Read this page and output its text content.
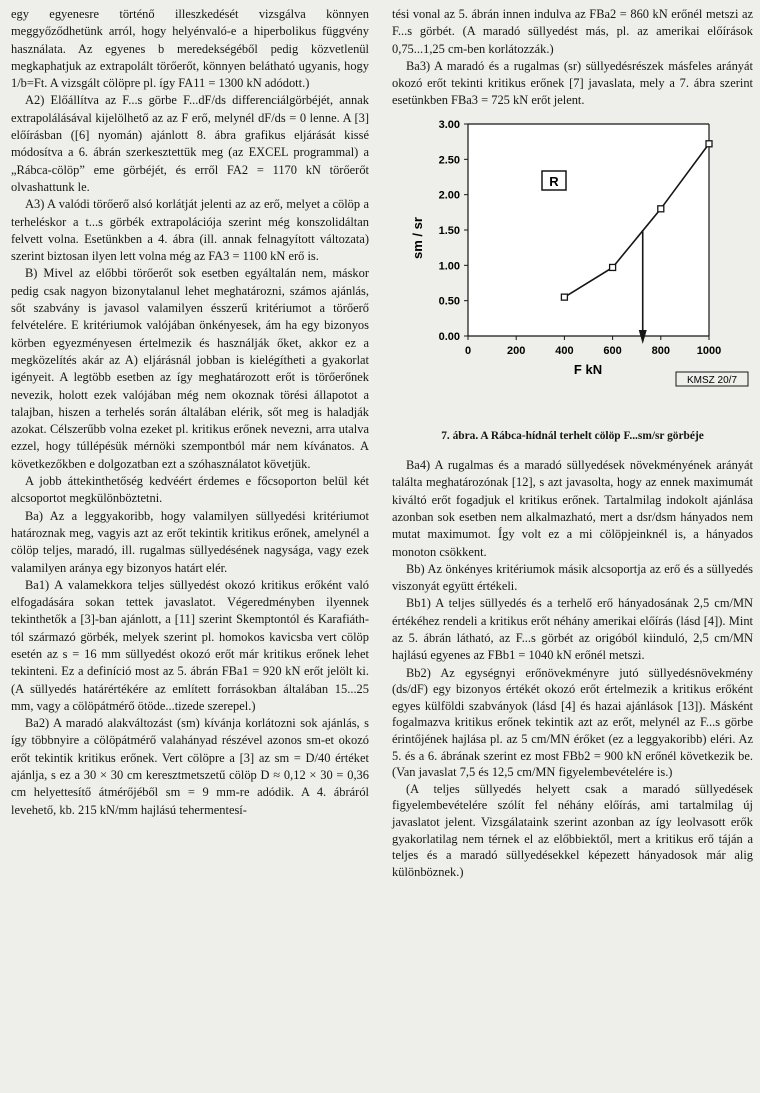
egy egyenesre történő illeszkedését vizsgálva könnyen meggyőződhetünk arról, hogy helyénvaló-e a hiperbolikus függvény használata. Az egyenes b meredekségéből pedig közvetlenül megkaphatjuk az extrapolált törőerőt, könnyen belátható ugyanis, hogy 1/b=Ft. A vizsgált cölöpre pl. így FA11 = 1300 kN adódott.)

A2) Előállítva az F...s görbe F...dF/ds differenciálgörbéjét, annak extrapolálásával kijelölhető az az F erő, melynél dF/ds = 0 lenne. A [3] előírásban ([6] nyomán) ajánlott 8. ábra grafikus eljárását kissé módosítva a 6. ábrán szerkesztettük meg (az EXCEL programmal) a „Rábca-cölöp” eme görbéjét, és erről FA2 = 1170 kN törőerőt olvashattunk le.

A3) A valódi törőerő alsó korlátját jelenti az az erő, melyet a cölöp a terheléskor a t...s görbék extrapolációja szerint még konszolidáltan felvett volna. Esetünkben a 4. ábra (ill. annak felnagyított változata) szerint biztosan ilyen lett volna még az FA3 = 1100 kN erő is.

B) Mivel az előbbi törőerőt sok esetben egyáltalán nem, máskor pedig csak nagyon bizonytalanul lehet meghatározni, számos ajánlás, sőt szabvány is javasol valamilyen ésszerű kritériumot a törőerő felvételére. E kritériumok valójában önkényesek, ám ha egy bizonyos körben egyezményesen értelmezik és használják őket, akkor ez a megközelítés akár az A) eljárásnál jobban is kielégítheti a gyakorlat igényeit. A legtöbb esetben az így meghatározott erőt is törőerőnek nevezik, holott ezek valójában még nem okoznak törési állapotot a talajban, hiszen a terhelés során általában elérik, sőt meg is haladják azokat. Célszerűbb volna ezeket pl. kritikus erőnek nevezni, arra utalva ezzel, hogy túllépésük mérnöki szempontból már nem kívánatos. A következőkben e dolgozatban ezt a szóhasználatot követjük.

A jobb áttekinthetőség kedvéért érdemes e főcsoporton belül két alcsoportot megkülönböztetni.

Ba) Az a leggyakoribb, hogy valamilyen süllyedési kritériumot határoznak meg, vagyis azt az erőt tekintik kritikus erőnek, amelynél a cölöp teljes, maradó, ill. rugalmas süllyedésének nagysága, vagy ezek valamilyen aránya egy bizonyos határt elér.

Ba1) A valamekkora teljes süllyedést okozó kritikus erőként való elfogadására sokan tettek javaslatot. Végeredményben ilyennek tekinthetők a [3]-ban ajánlott, a [11] szerint Skemptontól és Karafiáth-tól származó görbék, melyek szerint pl. homokos kavicsba vert cölöp esetén az s = 16 mm süllyedést okozó erőt már kritikus erőnek lehet tekinteni. Ez a definíció most az 5. ábrán FBa1 = 920 kN erőt jelölt ki. (A süllyedés határértékére az említett forrásokban általában 15...25 mm, vagy a cölöpátmérő ötöde...tizede szerepel.)

Ba2) A maradó alakváltozást (sm) kívánja korlátozni sok ajánlás, s így többnyire a cölöpátmérő valahányad részével azonos sm-et okozó erőt tekintik kritikus erőnek. Vert cölöpre a [3] az sm = D/40 értéket ajánlja, s ez a 30 × 30 cm keresztmetszetű cölöp D ≈ 0,12 × 30 = 0,36 cm helyettesítő átmérőjéből sm = 9 mm-re adódik. A 4. ábráról levehető, kb. 215 kN/mm hajlású tehermentesí-

tési vonal az 5. ábrán innen indulva az FBa2 = 860 kN erőnél metszi az F...s görbét. (A maradó süllyedést más, pl. az amerikai előírások 0,75...1,25 cm-ben korlátozzák.)

Ba3) A maradó és a rugalmas (sr) süllyedésrészek másfeles arányát okozó erőt tekinti kritikus erőnek [7] javaslata, mely a 7. ábra szerint esetünkben FBa3 = 725 kN erőt jelent.

0.00
0.50
1.00
1.50
2.00
2.50
3.00
0	200	400	600	800 1000
sm / sr
F kN
R
KMSZ 20/7
7. ábra. A Rábca-hídnál terhelt cölöp F...sm/sr görbéje

Ba4) A rugalmas és a maradó süllyedések növekményének arányát találta meghatározónak [12], s azt javasolta, hogy az ennek maximumát kiváltó erőt fogadjuk el kritikus erőnek. Tartalmilag indokolt ajánlása azonban sok esetben nem alkalmazható, mert a dsr/dsm hányados nem mutat maximumot. Így volt ez a mi cölöpjeinknél is, a hányados monoton csökkent.

Bb) Az önkényes kritériumok másik alcsoportja az erő és a süllyedés viszonyát együtt értékeli.

Bb1) A teljes süllyedés és a terhelő erő hányadosának 2,5 cm/MN értékéhez rendeli a kritikus erőt néhány amerikai előírás (lásd [4]). Mint az 5. ábrán látható, az F...s görbét az origóból kiinduló, 2,5 cm/MN hajlású egyenes az FBb1 = 1040 kN erőnél metszi.

Bb2) Az egységnyi erőnövekményre jutó süllyedésnövekmény (ds/dF) egy bizonyos értékét okozó erőt értelmezik a kritikus erőként egyes külföldi szabványok (lásd [4] és hazai ajánlások [13]). Másként fogalmazva kritikus erőnek tekintik azt az erőt, melynél az F...s görbe érintőjének hajlása pl. az 5 cm/MN érőket (ez a leggyakoribb) eléri. Az 5. és a 6. ábrának szerint ez most FBb2 = 900 kN erőnél következik be. (Van javaslat 7,5 és 12,5 cm/MN figyelembevételére is.)

(A teljes süllyedés helyett csak a maradó süllyedések figyelembevételére szólít fel néhány előírás, ami tartalmilag új javaslatot jelent. Vizsgálataink szerint azonban az így leolvasott erők gyakorlatilag nem térnek el az előbbiektől, mert a kritikus erő táján a teljes és a maradó süllyedésekkel képezett hányadosok már alig különböznek.)
